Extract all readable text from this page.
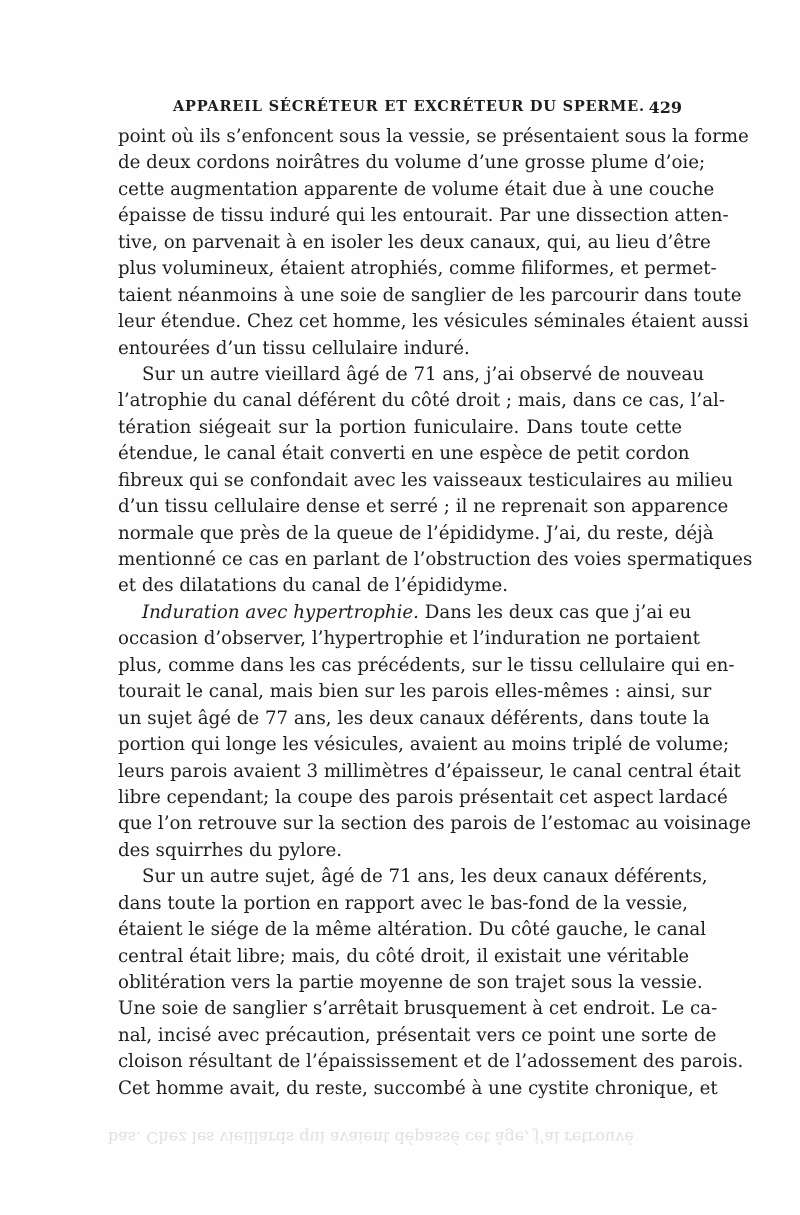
APPAREIL SÉCRÉTEUR ET EXCRÉTEUR DU SPERME. 429
point où ils s’enfoncent sous la vessie, se présentaient sous la forme
de deux cordons noirâtres du volume d’une grosse plume d’oie;
cette augmentation apparente de volume était due à une couche
épaisse de tissu induré qui les entourait. Par une dissection atten-
tive, on parvenait à en isoler les deux canaux, qui, au lieu d’être
plus volumineux, étaient atrophiés, comme filiformes, et permet-
taient néanmoins à une soie de sanglier de les parcourir dans toute
leur étendue. Chez cet homme, les vésicules séminales étaient aussi
entourées d’un tissu cellulaire induré.
Sur un autre vieillard âgé de 71 ans, j’ai observé de nouveau
l’atrophie du canal déférent du côté droit ; mais, dans ce cas, l’al-
tération siégeait sur la portion funiculaire. Dans toute cette
étendue, le canal était converti en une espèce de petit cordon
fibreux qui se confondait avec les vaisseaux testiculaires au milieu
d’un tissu cellulaire dense et serré ; il ne reprenait son apparence
normale que près de la queue de l’épididyme. J’ai, du reste, déjà
mentionné ce cas en parlant de l’obstruction des voies spermatiques
et des dilatations du canal de l’épididyme.
Induration avec hypertrophie. Dans les deux cas que j’ai eu
occasion d’observer, l’hypertrophie et l’induration ne portaient
plus, comme dans les cas précédents, sur le tissu cellulaire qui en-
tourait le canal, mais bien sur les parois elles-mêmes : ainsi, sur
un sujet âgé de 77 ans, les deux canaux déférents, dans toute la
portion qui longe les vésicules, avaient au moins triplé de volume;
leurs parois avaient 3 millimètres d’épaisseur, le canal central était
libre cependant; la coupe des parois présentait cet aspect lardacé
que l’on retrouve sur la section des parois de l’estomac au voisinage
des squirrhes du pylore.
Sur un autre sujet, âgé de 71 ans, les deux canaux déférents,
dans toute la portion en rapport avec le bas-fond de la vessie,
étaient le siége de la même altération. Du côté gauche, le canal
central était libre; mais, du côté droit, il existait une véritable
oblitération vers la partie moyenne de son trajet sous la vessie.
Une soie de sanglier s’arrêtait brusquement à cet endroit. Le ca-
nal, incisé avec précaution, présentait vers ce point une sorte de
cloison résultant de l’épaississement et de l’adossement des parois.
Cet homme avait, du reste, succombé à une cystite chronique, et
bas. Chez les vieillards qui avaient dépassé cet âge, j’ai retrouvé
